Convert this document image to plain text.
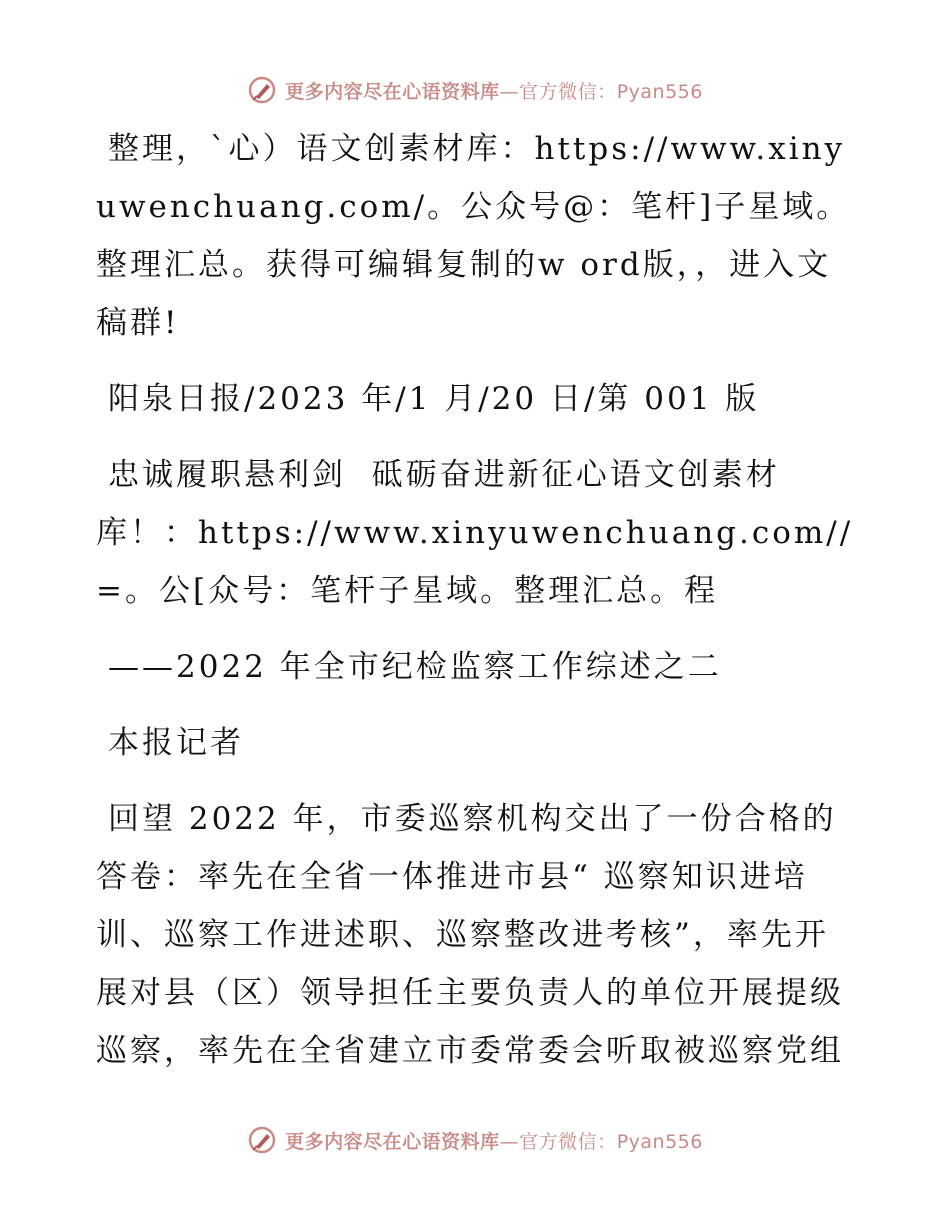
更多内容尽在心语资料库—官方微信：Pyan556

整理，`心）语文创素材库：https://www.xinyuwenchuang.com/。公众号@：笔杆]子星域。整理汇总。获得可编辑复制的w ord版，，进入文稿群!

阳泉日报/2023 年/1 月/20 日/第 001 版

忠诚履职悬利剑  砥砺奋进新征心语文创素材库！：https://www.xinyuwenchuang.com//=。公[众号：笔杆子星域。整理汇总。程

——2022 年全市纪检监察工作综述之二

本报记者

回望 2022 年，市委巡察机构交出了一份合格的答卷：率先在全省一体推进市县“ 巡察知识进培训、巡察工作进述职、巡察整改进考核”，率先开展对县（区）领导担任主要负责人的单位开展提级巡察，率先在全省建立市委常委会听取被巡察党组

更多内容尽在心语资料库—官方微信：Pyan556
